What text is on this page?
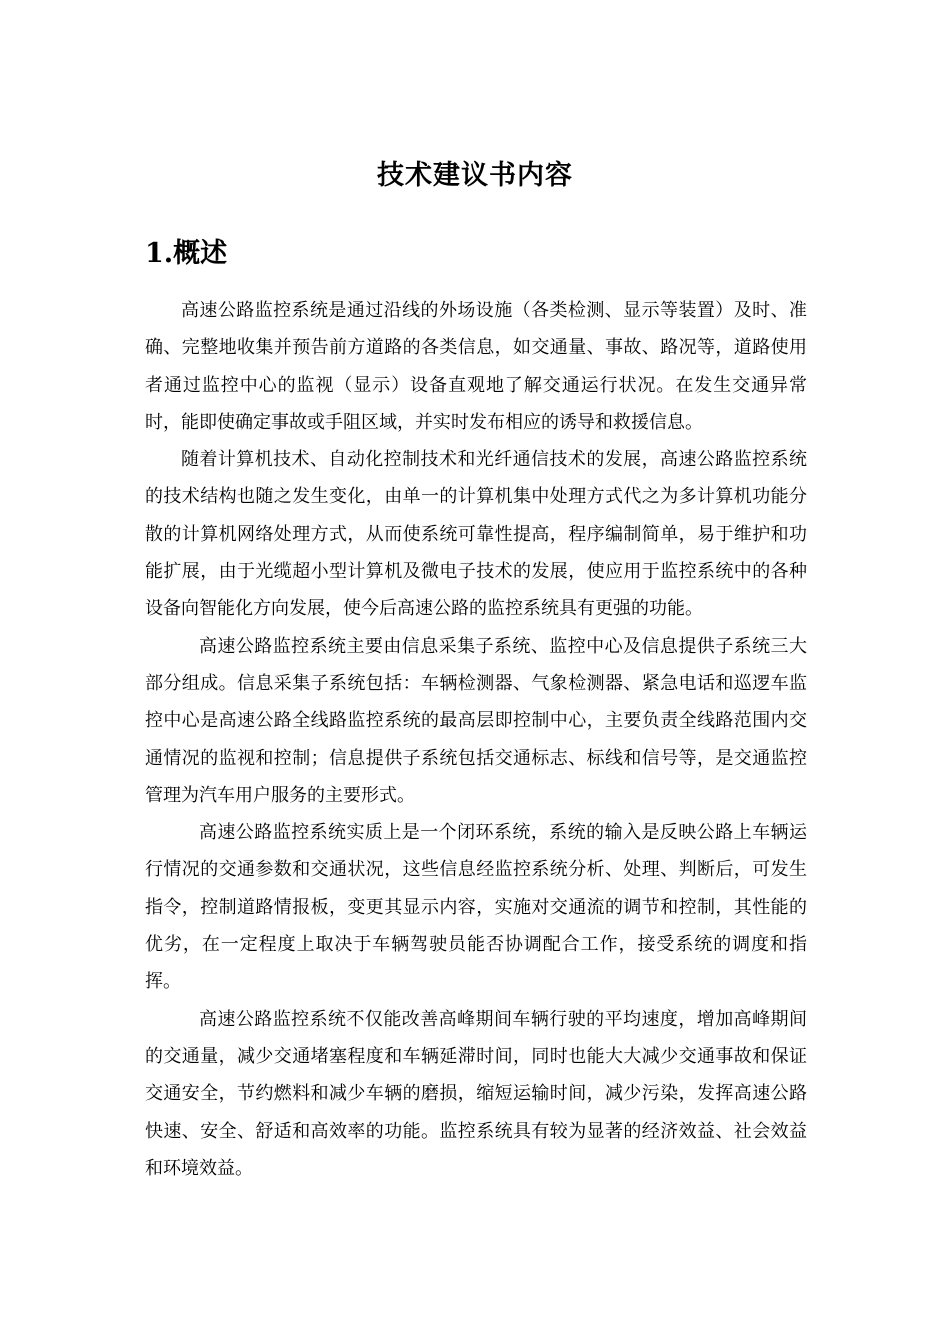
技术建议书内容
1.概述

高速公路监控系统是通过沿线的外场设施（各类检测、显示等装置）及时、准确、完整地收集并预告前方道路的各类信息，如交通量、事故、路况等，道路使用者通过监控中心的监视（显示）设备直观地了解交通运行状况。在发生交通异常时，能即使确定事故或手阻区域，并实时发布相应的诱导和救援信息。

随着计算机技术、自动化控制技术和光纤通信技术的发展，高速公路监控系统的技术结构也随之发生变化，由单一的计算机集中处理方式代之为多计算机功能分散的计算机网络处理方式，从而使系统可靠性提高，程序编制简单，易于维护和功能扩展，由于光缆超小型计算机及微电子技术的发展，使应用于监控系统中的各种设备向智能化方向发展，使今后高速公路的监控系统具有更强的功能。

高速公路监控系统主要由信息采集子系统、监控中心及信息提供子系统三大部分组成。信息采集子系统包括：车辆检测器、气象检测器、紧急电话和巡逻车监控中心是高速公路全线路监控系统的最高层即控制中心，主要负责全线路范围内交通情况的监视和控制；信息提供子系统包括交通标志、标线和信号等，是交通监控管理为汽车用户服务的主要形式。

高速公路监控系统实质上是一个闭环系统，系统的输入是反映公路上车辆运行情况的交通参数和交通状况，这些信息经监控系统分析、处理、判断后，可发生指令，控制道路情报板，变更其显示内容，实施对交通流的调节和控制，其性能的优劣，在一定程度上取决于车辆驾驶员能否协调配合工作，接受系统的调度和指挥。

高速公路监控系统不仅能改善高峰期间车辆行驶的平均速度，增加高峰期间的交通量，减少交通堵塞程度和车辆延滞时间，同时也能大大减少交通事故和保证交通安全，节约燃料和减少车辆的磨损，缩短运输时间，减少污染，发挥高速公路快速、安全、舒适和高效率的功能。监控系统具有较为显著的经济效益、社会效益和环境效益。
